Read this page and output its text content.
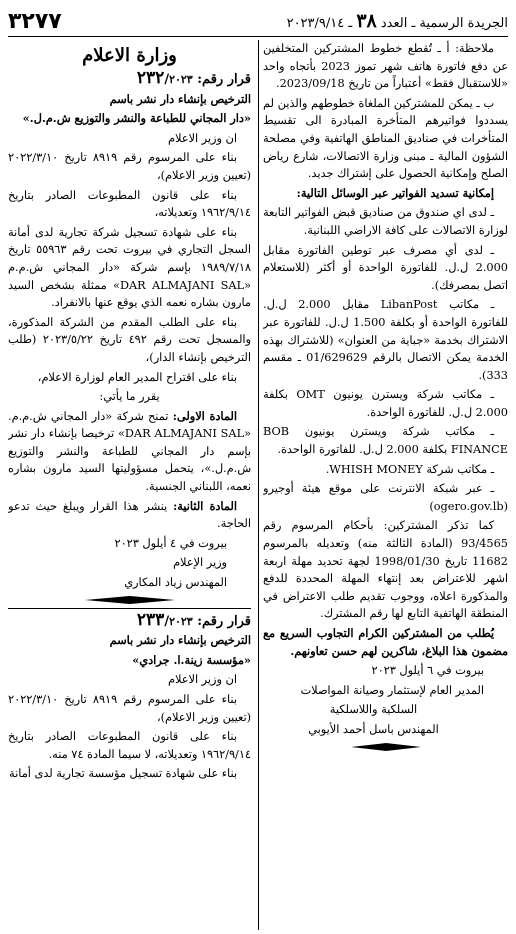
الجريدة الرسمية ـ العدد ٣٨ ـ ٢٠٢٣/٩/١٤
٣٢٧٧

ملاحظة: أ ـ تُقطع خطوط المشتركين المتخلفين عن دفع فاتورة هاتف شهر تموز 2023 بأتجاه واحد «للاستقبال فقط» أعتباراً من تاريخ 2023/09/18.

ب ـ يمكن للمشتركين الملغاة خطوطهم والذين لم يسددوا فواتيرهم المتأخرة المبادرة الى تقسيط المتأخرات في صناديق المناطق الهاتفية وفي مصلحة الشؤون المالية ـ مبنى وزارة الاتصالات، شارع رياض الصلح وإمكانية الحصول على إشتراك جديد.

إمكانية تسديد الفواتير عبر الوسائل التالية:

ـ لدى اي صندوق من صناديق قبض الفواتير التابعة لوزارة الاتصالات على كافة الاراضي اللبنانية.

ـ لدى أي مصرف عبر توطين الفاتورة مقابل 2.000 ل.ل. للفاتورة الواحدة أو أكثر (للاستعلام اتصل بمصرفك).

ـ مكاتب LibanPost مقابل 2.000 ل.ل. للفاتورة الواحدة أو بكلفة 1.500 ل.ل. للفاتورة عبر الاشتراك بخدمة «جباية من العنوان» (للاشتراك بهذه الخدمة يمكن الاتصال بالرقم 01/629629 ـ مقسم 333).

ـ مكاتب شركة ويسترن يونيون OMT بكلفة 2.000 ل.ل. للفاتورة الواحدة.

ـ مكاتب شركة ويسترن يونيون BOB FINANCE بكلفة 2.000 ل.ل. للفاتورة الواحدة.

ـ مكاتب شركة WHISH MONEY.

ـ عبر شبكة الانترنت على موقع هيئة أوجيرو (ogero.gov.lb)

كما تذكر المشتركين: بأحكام المرسوم رقم 93/4565 (المادة الثالثة منه) وتعديله بالمرسوم 11682 تاريخ 1998/01/30 لجهة تحديد مهلة اربعة اشهر للاعتراض بعد إنتهاء المهلة المحددة للدفع والمذكورة اعلاه، ووجوب تقديم طلب الاعتراض في المنطقة الهاتفية التابع لها رقم المشترك.

يُطلب من المشتركين الكرام التجاوب السريع مع مضمون هذا البلاغ، شاكرين لهم حسن تعاونهم.

بيروت في ٦ أيلول ٢٠٢٣

المدير العام لإستثمار وصيانة المواصلات

السلكية واللاسلكية

المهندس باسل أحمد الأيوبي

وزارة الاعلام
قرار رقم: ٢٣٢/٢٠٢٣

الترخيص بإنشاء دار نشر باسم

«دار المجاني للطباعة والنشر والتوزيع ش.م.ل.»

ان وزير الاعلام

بناء على المرسوم رقم ٨٩١٩ تاريخ ٢٠٢٢/٣/١٠ (تعيين وزير الاعلام)،

بناء على قانون المطبوعات الصادر بتاريخ ١٩٦٢/٩/١٤ وتعديلاته،

بناء على شهادة تسجيل شركة تجارية لدى أمانة السجل التجاري في بيروت تحت رقم ٥٥٩٦٣ تاريخ ١٩٨٩/٧/١٨ بإسم شركة «دار المجاني ش.م.م «DAR ALMAJANI SAL» ممثلة بشخص السيد مارون بشاره نعمه الذي يوقع عنها بالانفراد.

بناء على الطلب المقدم من الشركة المذكورة، والمسجل تحت رقم ٤٩٢ تاريخ ٢٠٢٣/٥/٢٢ (طلب الترخيص بإنشاء الدار)،

بناء على اقتراح المدير العام لوزارة الاعلام،

يقرر ما يأتي:

المادة الاولى: تمنح شركة «دار المجاني ش.م.م. «DAR ALMAJANI SAL» ترخيصا بإنشاء دار نشر بإسم دار المجاني للطباعة والنشر والتوزيع ش.م.ل.»، يتحمل مسؤوليتها السيد مارون بشاره نعمه، اللبناني الجنسية.

المادة الثانية: ينشر هذا القرار ويبلغ حيث تدعو الحاجة.

بيروت في ٤ أيلول ٢٠٢٣

وزير الإعلام

المهندس زياد المكاري

قرار رقم: ٢٣٣/٢٠٢٣

الترخيص بإنشاء دار نشر باسم

«مؤسسة زينة.ا. جرادي»

ان وزير الاعلام

بناء على المرسوم رقم ٨٩١٩ تاريخ ٢٠٢٢/٣/١٠ (تعيين وزير الاعلام)،

بناء على قانون المطبوعات الصادر بتاريخ ١٩٦٢/٩/١٤ وتعديلاته، لا سيما المادة ٧٤ منه.

بناء على شهادة تسجيل مؤسسة تجارية لدى أمانة
